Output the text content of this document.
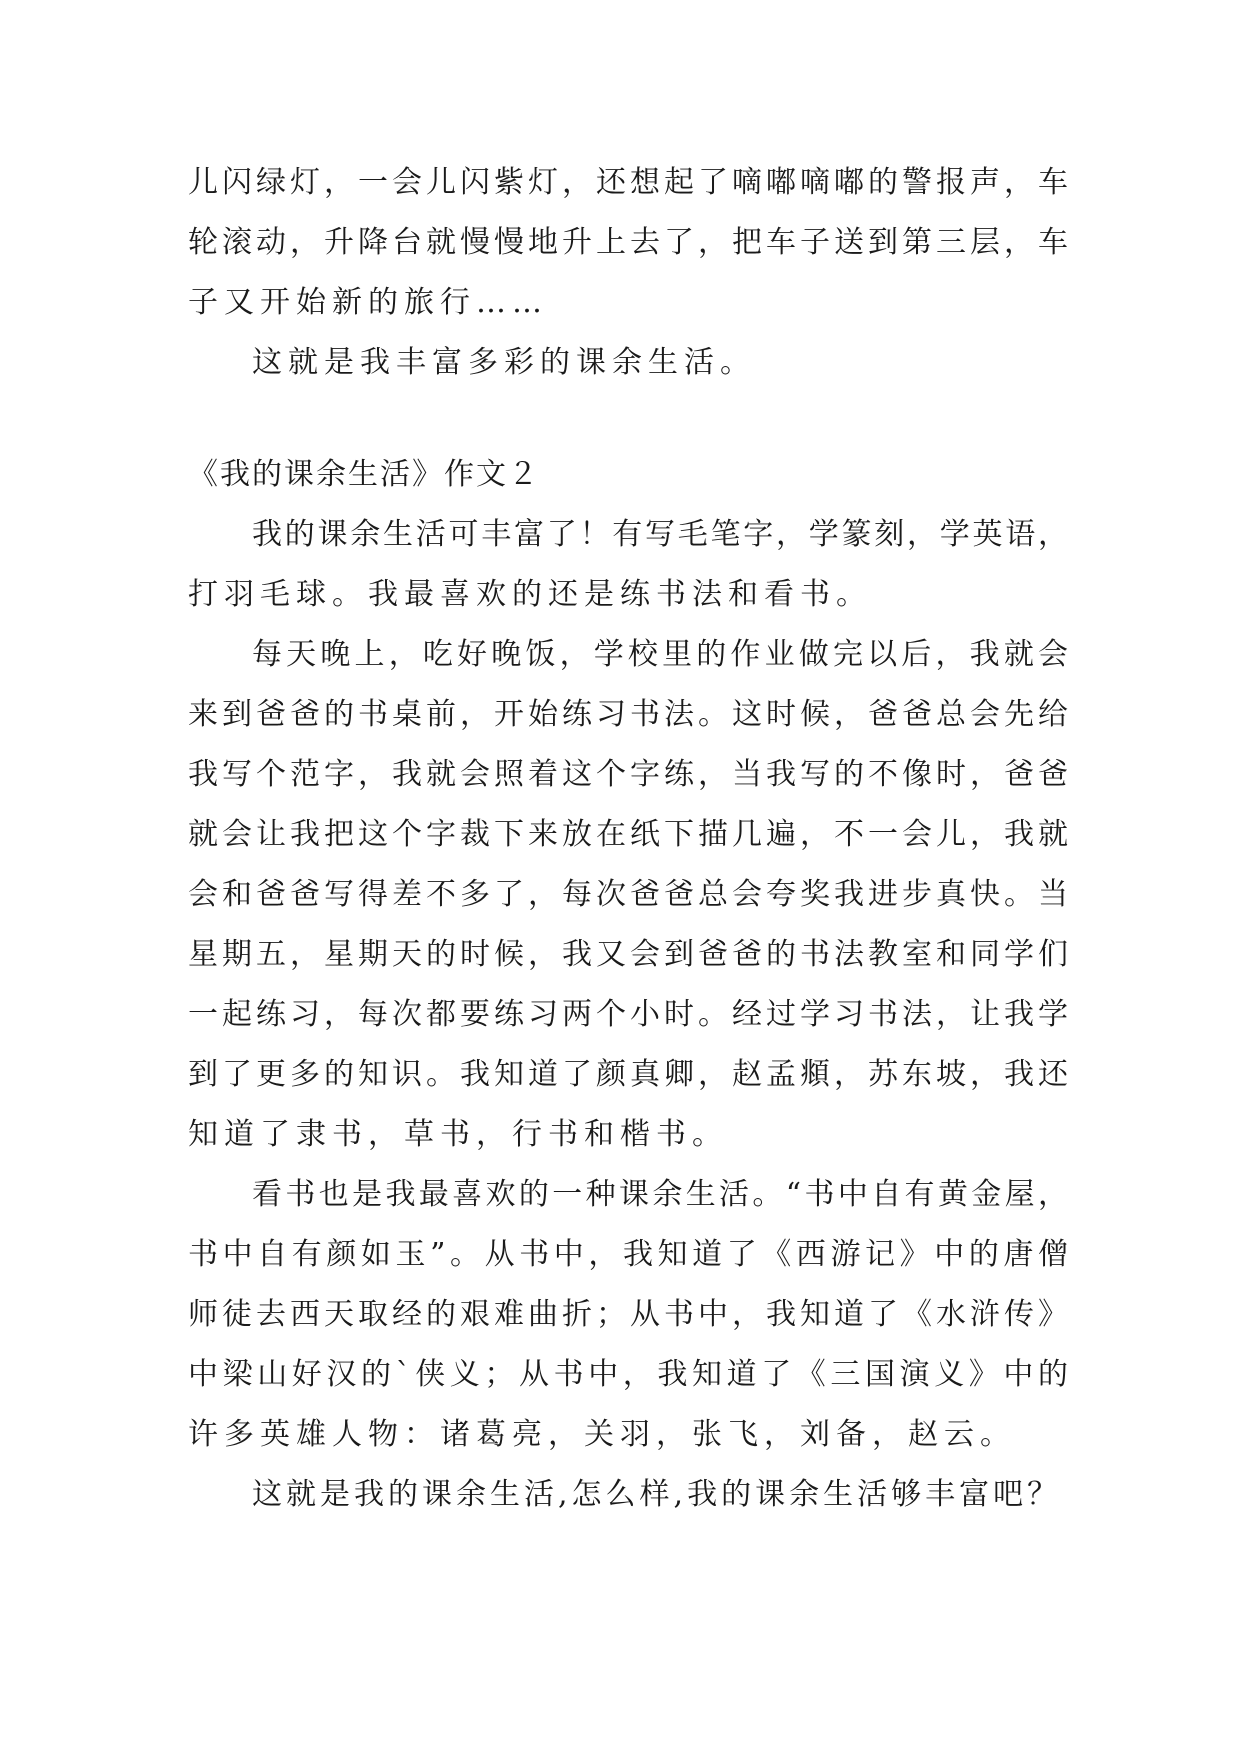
儿闪绿灯，一会儿闪紫灯，还想起了嘀嘟嘀嘟的警报声，车
轮滚动，升降台就慢慢地升上去了，把车子送到第三层，车
子又开始新的旅行……
这就是我丰富多彩的课余生活。
《我的课余生活》作文２
我的课余生活可丰富了！有写毛笔字，学篆刻，学英语，
打羽毛球。我最喜欢的还是练书法和看书。
每天晚上，吃好晚饭，学校里的作业做完以后，我就会
来到爸爸的书桌前，开始练习书法。这时候，爸爸总会先给
我写个范字，我就会照着这个字练，当我写的不像时，爸爸
就会让我把这个字裁下来放在纸下描几遍，不一会儿，我就
会和爸爸写得差不多了，每次爸爸总会夸奖我进步真快。当
星期五，星期天的时候，我又会到爸爸的书法教室和同学们
一起练习，每次都要练习两个小时。经过学习书法，让我学
到了更多的知识。我知道了颜真卿，赵孟頫，苏东坡，我还
知道了隶书，草书，行书和楷书。
看书也是我最喜欢的一种课余生活。“书中自有黄金屋，
书中自有颜如玉”。从书中，我知道了《西游记》中的唐僧
师徒去西天取经的艰难曲折；从书中，我知道了《水浒传》
中梁山好汉的`侠义；从书中，我知道了《三国演义》中的
许多英雄人物：诸葛亮，关羽，张飞，刘备，赵云。
这就是我的课余生活,怎么样,我的课余生活够丰富吧？
